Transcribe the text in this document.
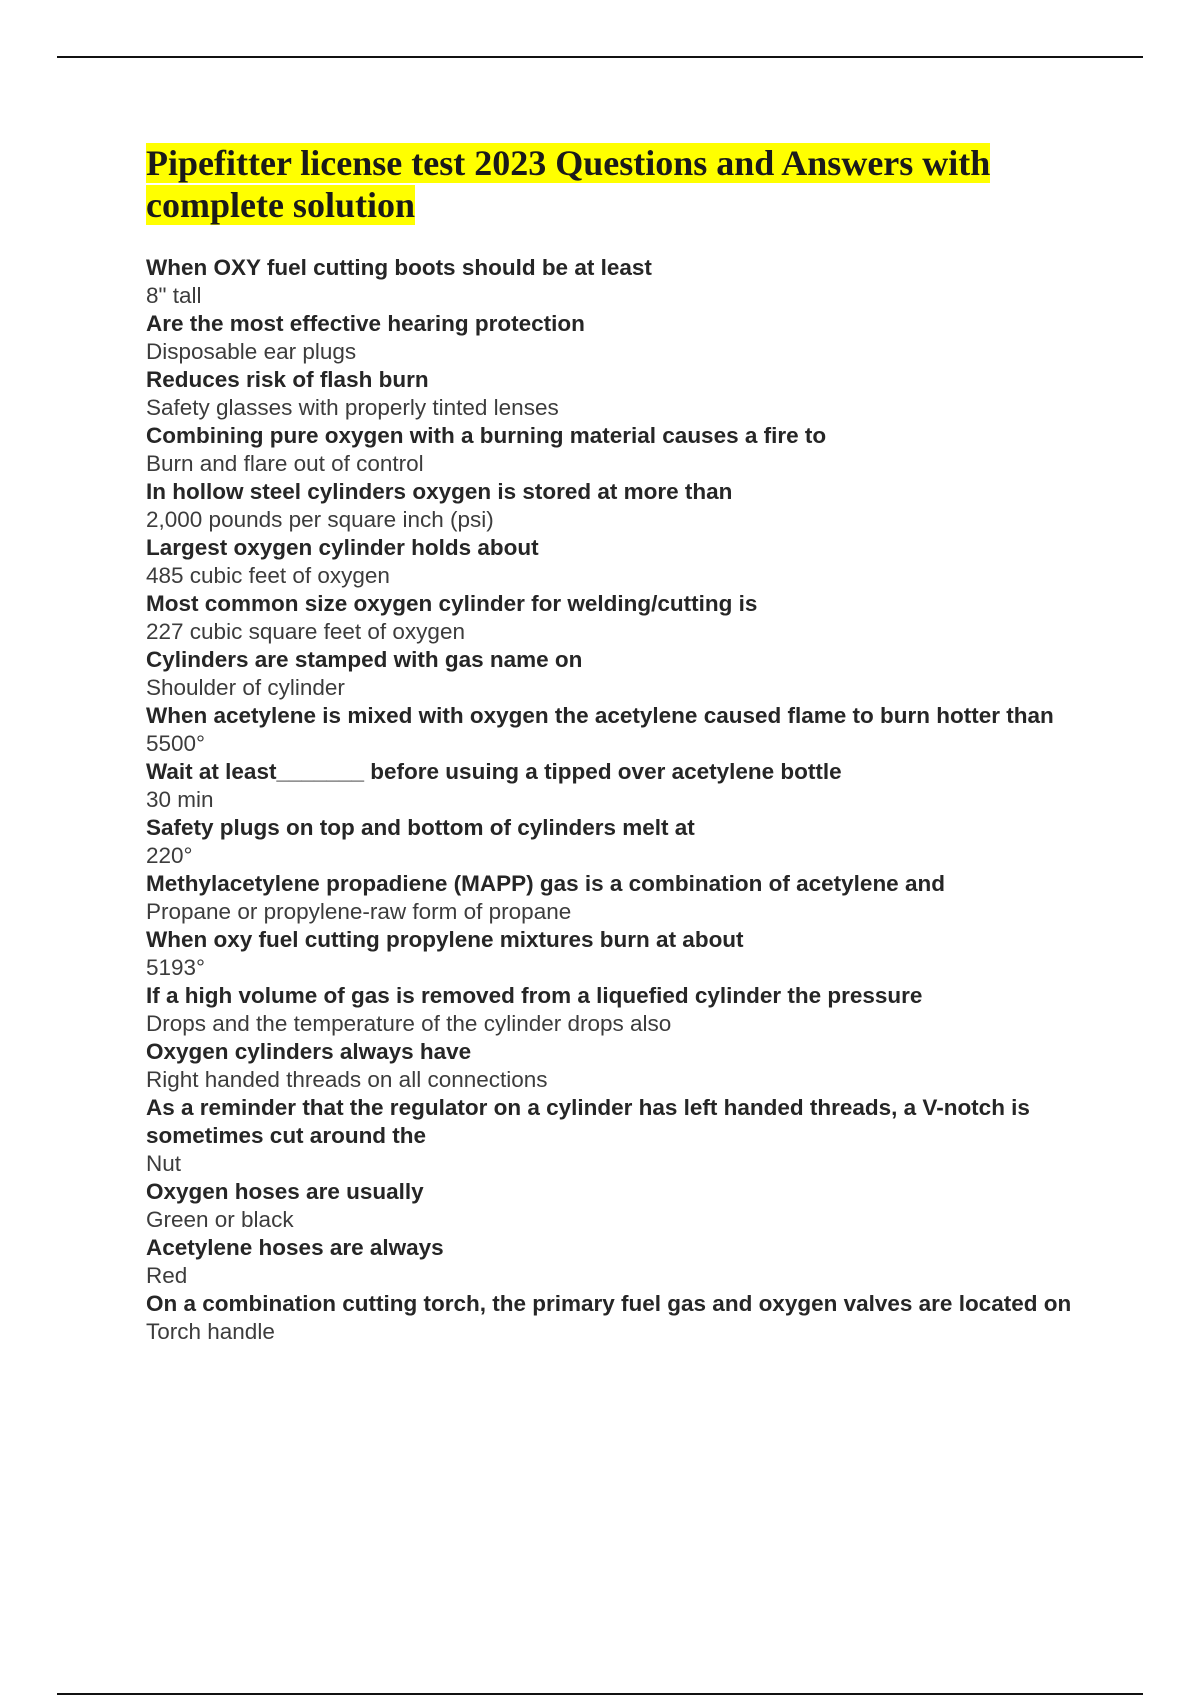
Pipefitter license test 2023 Questions and Answers with complete solution
When OXY fuel cutting boots should be at least
8" tall
Are the most effective hearing protection
Disposable ear plugs
Reduces risk of flash burn
Safety glasses with properly tinted lenses
Combining pure oxygen with a burning material causes a fire to
Burn and flare out of control
In hollow steel cylinders oxygen is stored at more than
2,000 pounds per square inch (psi)
Largest oxygen cylinder holds about
485 cubic feet of oxygen
Most common size oxygen cylinder for welding/cutting is
227 cubic square feet of oxygen
Cylinders are stamped with gas name on
Shoulder of cylinder
When acetylene is mixed with oxygen the acetylene caused flame to burn hotter than
5500°
Wait at least_______ before usuing a tipped over acetylene bottle
30 min
Safety plugs on top and bottom of cylinders melt at
220°
Methylacetylene propadiene (MAPP) gas is a combination of acetylene and
Propane or propylene-raw form of propane
When oxy fuel cutting propylene mixtures burn at about
5193°
If a high volume of gas is removed from a liquefied cylinder the pressure
Drops and the temperature of the cylinder drops also
Oxygen cylinders always have
Right handed threads on all connections
As a reminder that the regulator on a cylinder has left handed threads, a V-notch is sometimes cut around the
Nut
Oxygen hoses are usually
Green or black
Acetylene hoses are always
Red
On a combination cutting torch, the primary fuel gas and oxygen valves are located on
Torch handle
